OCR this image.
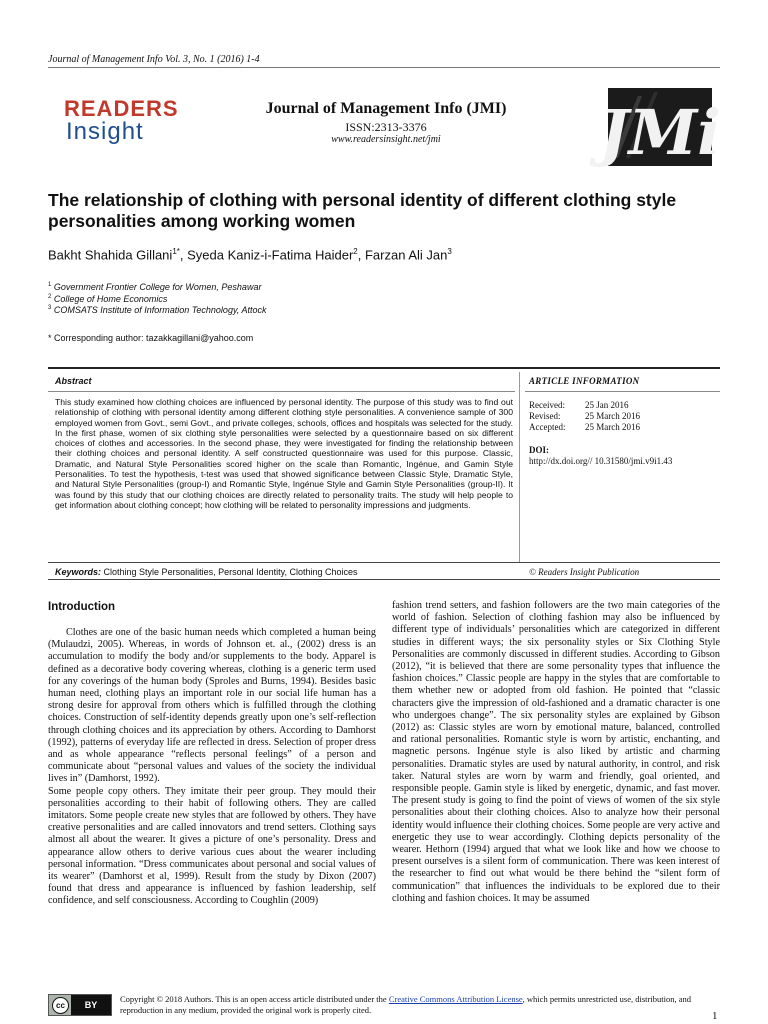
Journal of Management Info Vol. 3, No. 1 (2016) 1-4
READERS
Insight
Journal of Management Info (JMI)
ISSN:2313-3376
www.readersinsight.net/jmi	JMi
The relationship of clothing with personal identity of different clothing style personalities among working women
Bakht Shahida Gillani$^{1*}$, Syeda Kaniz-i-Fatima Haider$^2$, Farzan Ali Jan$^3$
$^1$ Government Frontier College for Women, Peshawar
$^2$ College of Home Economics
$^3$ COMSATS Institute of Information Technology, Attock
* Corresponding author: tazakkagillani@yahoo.com
Abstract
This study examined how clothing choices are influenced by personal identity. The purpose of this study was to find out relationship of clothing with personal identity among different clothing style personalities. A convenience sample of 300 employed women from Govt., semi Govt., and private colleges, schools, offices and hospitals was selected for the study. In the first phase, women of six clothing style personalities were selected by a questionnaire based on six different choices of clothes and accessories. In the second phase, they were investigated for finding the relationship between their clothing choices and personal identity. A self constructed questionnaire was used for this purpose. Classic, Dramatic, and Natural Style Personalities scored higher on the scale than Romantic, Ingénue, and Gamin Style Personalities. To test the hypothesis, t-test was used that showed significance between Classic Style, Dramatic Style, and Natural Style Personalities (group-I) and Romantic Style, Ingénue Style and Gamin Style Personalities (group-II). It was found by this study that our clothing choices are directly related to personality traits. The study will help people to get information about clothing concept; how clothing will be related to personality impressions and judgments.
ARTICLE INFORMATION
Received: 25 Jan 2016
Revised:	25 March 2016
Accepted: 25 March 2016
DOI:
http://dx.doi.org// 10.31580/jmi.v9i1.43
Keywords: Clothing Style Personalities, Personal Identity, Clothing Choices	© Readers Insight Publication
Introduction

Clothes are one of the basic human needs which completed a human being (Mulaudzi, 2005). Whereas, in words of Johnson et. al., (2002) dress is an accumulation to modify the body and/or supplements to the body. Apparel is defined as a decorative body covering whereas, clothing is a generic term used for any coverings of the human body (Sproles and Burns, 1994). Besides basic human need, clothing plays an important role in our social life human has a strong desire for approval from others which is fulfilled through the clothing choices. Construction of self-identity depends greatly upon one’s self-reflection through clothing choices and its appreciation by others. According to Damhorst (1992), patterns of everyday life are reflected in dress. Selection of proper dress and as whole appearance “reflects personal feelings” of a person and communicate about “personal values and values of the society the individual lives in” (Damhorst, 1992).

Some people copy others. They imitate their peer group. They mould their personalities according to their habit of following others. They are called imitators. Some people create new styles that are followed by others. They have creative personalities and are called innovators and trend setters. Clothing says almost all about the wearer. It gives a picture of one’s personality. Dress and appearance allow others to derive various cues about the wearer including personal information. “Dress communicates about personal and social values of its wearer” (Damhorst et al, 1999). Result from the study by Dixon (2007) found that dress and appearance is influenced by fashion leadership, self confidence, and self consciousness. According to Coughlin (2009)

fashion trend setters, and fashion followers are the two main categories of the world of fashion. Selection of clothing fashion may also be influenced by different type of individuals’ personalities which are categorized in different studies in different ways; the six personality styles or Six Clothing Style Personalities are commonly discussed in different studies. According to Gibson (2012), “it is believed that there are some personality types that influence the fashion choices.” Classic people are happy in the styles that are comfortable to them whether new or adopted from old fashion. He pointed that “classic characters give the impression of old-fashioned and a dramatic character is one who undergoes change”. The six personality styles are explained by Gibson (2012) as: Classic styles are worn by emotional mature, balanced, controlled and rational personalities. Romantic style is worn by artistic, enchanting, and magnetic persons. Ingénue style is also liked by artistic and charming personalities. Dramatic styles are used by natural authority, in control, and risk taker. Natural styles are worn by warm and friendly, goal oriented, and responsible people. Gamin style is liked by energetic, dynamic, and fast mover. The present study is going to find the point of views of women of the six style personalities about their clothing choices. Also to analyze how their personal identity would influence their clothing choices. Some people are very active and energetic they use to wear accordingly. Clothing depicts personality of the wearer. Hethorn (1994) argued that what we look like and how we choose to present ourselves is a silent form of communication. There was keen interest of the researcher to find out what would be there behind the “silent form of communication” that influences the individuals to be explored due to their clothing and fashion choices. It may be assumed

cc	BY
Copyright © 2018 Authors. This is an open access article distributed under the Creative Commons Attribution License, which permits unrestricted use, distribution, and reproduction in any medium, provided the original work is properly cited.
1
